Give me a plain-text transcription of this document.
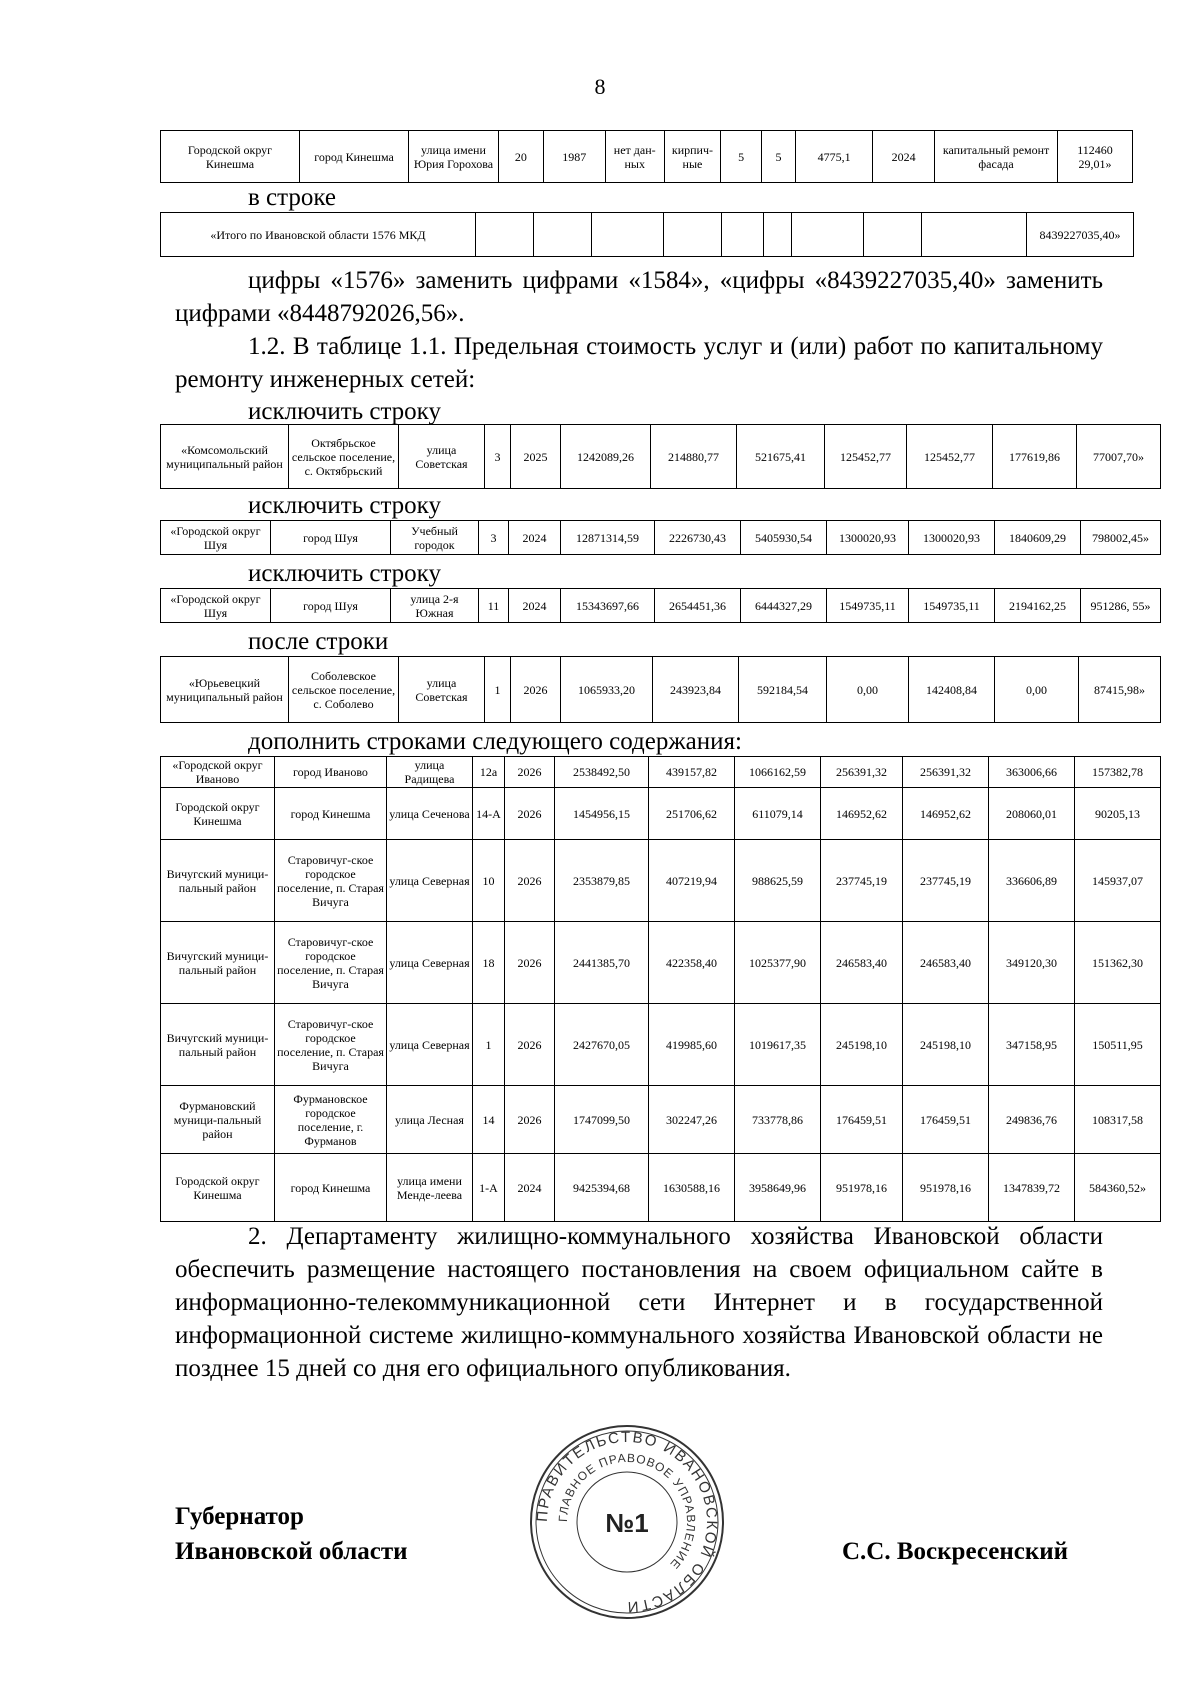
8
Городской округ Кинешма	город Кинешма	улица имени Юрия Горохова	20	1987	нет дан-ных	кирпич-ные	5	5	4775,1	2024	капитальный ремонт фасада	112460 29,01»
в строке
«Итого по Ивановской области 1576 МКД										8439227035,40»
цифры «1576» заменить цифрами «1584», «цифры «8439227035,40» заменить цифрами «8448792026,56».
1.2. В таблице 1.1. Предельная стоимость услуг и (или) работ по капитальному ремонту инженерных сетей:
исключить строку
«Комсомольский муниципальный район	Октябрьское сельское поселение, с. Октябрьский	улица Советская	3	2025	1242089,26	214880,77	521675,41	125452,77	125452,77	177619,86	77007,70»
исключить строку
«Городской округ Шуя	город Шуя	Учебный городок	3	2024	12871314,59	2226730,43	5405930,54	1300020,93	1300020,93	1840609,29	798002,45»
исключить строку
«Городской округ Шуя	город Шуя	улица 2-я Южная	11	2024	15343697,66	2654451,36	6444327,29	1549735,11	1549735,11	2194162,25	951286, 55»
после строки
«Юрьевецкий муниципальный район	Соболевское сельское поселение, с. Соболево	улица Советская	1	2026	1065933,20	243923,84	592184,54	0,00	142408,84	0,00	87415,98»
дополнить строками следующего содержания:
«Городской округ Иваново	город Иваново	улица Радищева	12а	2026	2538492,50	439157,82	1066162,59	256391,32	256391,32	363006,66	157382,78
Городской округ Кинешма	город Кинешма	улица Сеченова	14-А	2026	1454956,15	251706,62	611079,14	146952,62	146952,62	208060,01	90205,13
Вичугский муници-пальный район	Старовичуг-ское городское поселение, п. Старая Вичуга	улица Северная	10	2026	2353879,85	407219,94	988625,59	237745,19	237745,19	336606,89	145937,07
Вичугский муници-пальный район	Старовичуг-ское городское поселение, п. Старая Вичуга	улица Северная	18	2026	2441385,70	422358,40	1025377,90	246583,40	246583,40	349120,30	151362,30
Вичугский муници-пальный район	Старовичуг-ское городское поселение, п. Старая Вичуга	улица Северная	1	2026	2427670,05	419985,60	1019617,35	245198,10	245198,10	347158,95	150511,95
Фурмановский муници-пальный район	Фурмановское городское поселение, г. Фурманов	улица Лесная	14	2026	1747099,50	302247,26	733778,86	176459,51	176459,51	249836,76	108317,58
Городской округ Кинешма	город Кинешма	улица имени Менде-леева	1-А	2024	9425394,68	1630588,16	3958649,96	951978,16	951978,16	1347839,72	584360,52»
2. Департаменту жилищно-коммунального хозяйства Ивановской области обеспечить размещение настоящего постановления на своем официальном сайте в информационно-телекоммуникационной сети Интернет и в государственной информационной системе жилищно-коммунального хозяйства Ивановской области не позднее 15 дней со дня его официального опубликования.
ПРАВИТЕЛЬСТВО ИВАНОВСКОЙ ОБЛАСТИ
ГЛАВНОЕ ПРАВОВОЕ УПРАВЛЕНИЕ
№1
Губернатор
Ивановской области	С.С. Воскресенский
